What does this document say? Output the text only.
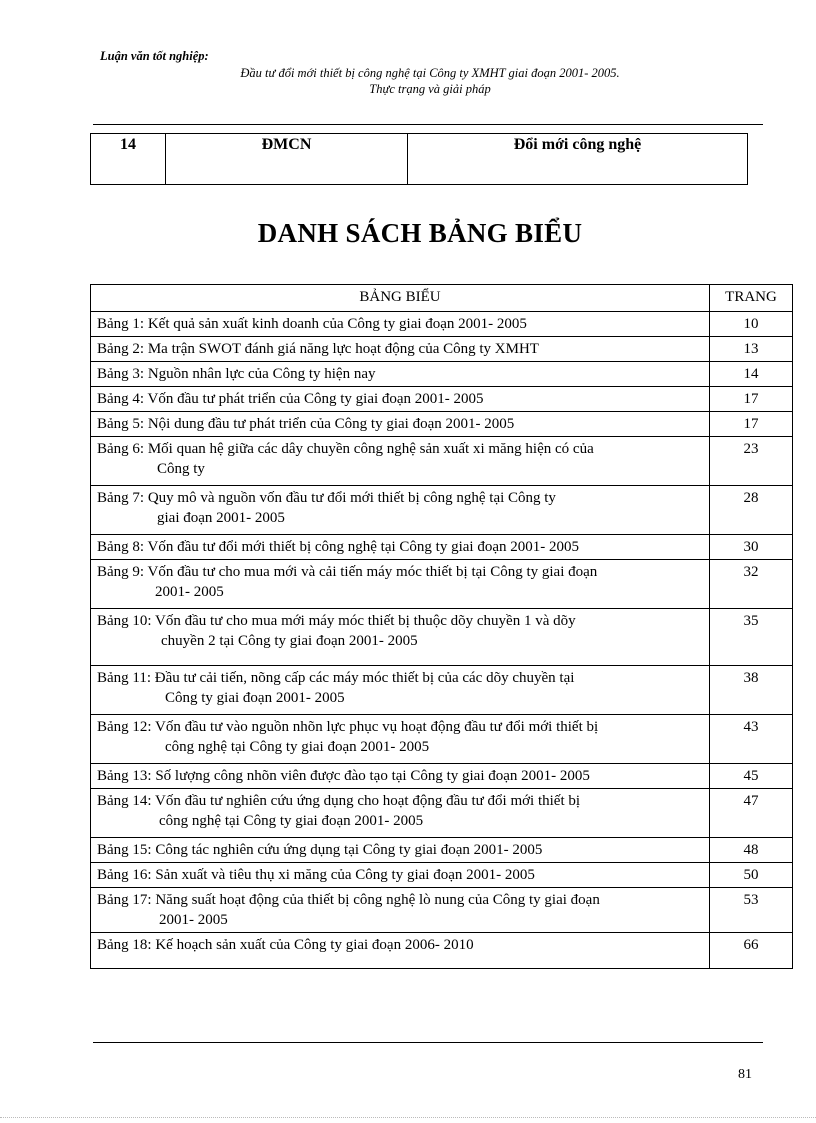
Luận văn tốt nghiệp:
Đầu tư đổi mới thiết bị công nghệ tại Công ty XMHT giai đoạn 2001- 2005.
Thực trạng và giải pháp
14	ĐMCN	Đổi mới công nghệ
DANH SÁCH BẢNG BIỂU
BẢNG BIỂU	TRANG

Bảng 1: Kết quả sản xuất kinh doanh của Công ty giai đoạn 2001- 2005	10

Bảng 2: Ma trận SWOT đánh giá năng lực hoạt động của Công ty XMHT	13

Bảng 3: Nguồn nhân lực của Công ty hiện nay	14

Bảng 4: Vốn đầu tư phát triển của Công ty giai đoạn 2001- 2005	17

Bảng 5: Nội dung đầu tư phát triển của Công ty giai đoạn 2001- 2005	17

Bảng 6: Mối quan hệ giữa các dây chuyền công nghệ sản xuất xi măng hiện có của
Công ty	23

Bảng 7: Quy mô và nguồn vốn đầu tư đổi mới thiết bị công nghệ tại Công ty
giai đoạn 2001- 2005	28

Bảng 8: Vốn đầu tư đổi mới thiết bị công nghệ tại Công ty giai đoạn 2001- 2005	30

Bảng 9: Vốn đầu tư cho mua mới và cải tiến máy móc thiết bị tại Công ty giai đoạn
2001- 2005	32

Bảng 10: Vốn đầu tư cho mua mới máy móc thiết bị thuộc dõy chuyền 1 và dõy
chuyền 2 tại Công ty giai đoạn 2001- 2005	35

Bảng 11: Đầu tư cải tiến, nõng cấp các máy móc thiết bị của các dõy chuyền tại
Công ty giai đoạn 2001- 2005	38

Bảng 12: Vốn đầu tư vào nguồn nhõn lực phục vụ hoạt động đầu tư đổi mới thiết bị
công nghệ tại Công ty giai đoạn 2001- 2005	43

Bảng 13: Số lượng công nhõn viên được đào tạo tại Công ty giai đoạn 2001- 2005	45

Bảng 14: Vốn đầu tư nghiên cứu ứng dụng cho hoạt động đầu tư đổi mới thiết bị
công nghệ tại Công ty giai đoạn 2001- 2005	47

Bảng 15: Công tác nghiên cứu ứng dụng tại Công ty giai đoạn 2001- 2005	48

Bảng 16: Sản xuất và tiêu thụ xi măng của Công ty giai đoạn 2001- 2005	50

Bảng 17: Năng suất hoạt động của thiết bị công nghệ lò nung của Công ty giai đoạn
2001- 2005	53

Bảng 18: Kế hoạch sản xuất của Công ty giai đoạn 2006- 2010	66
81
